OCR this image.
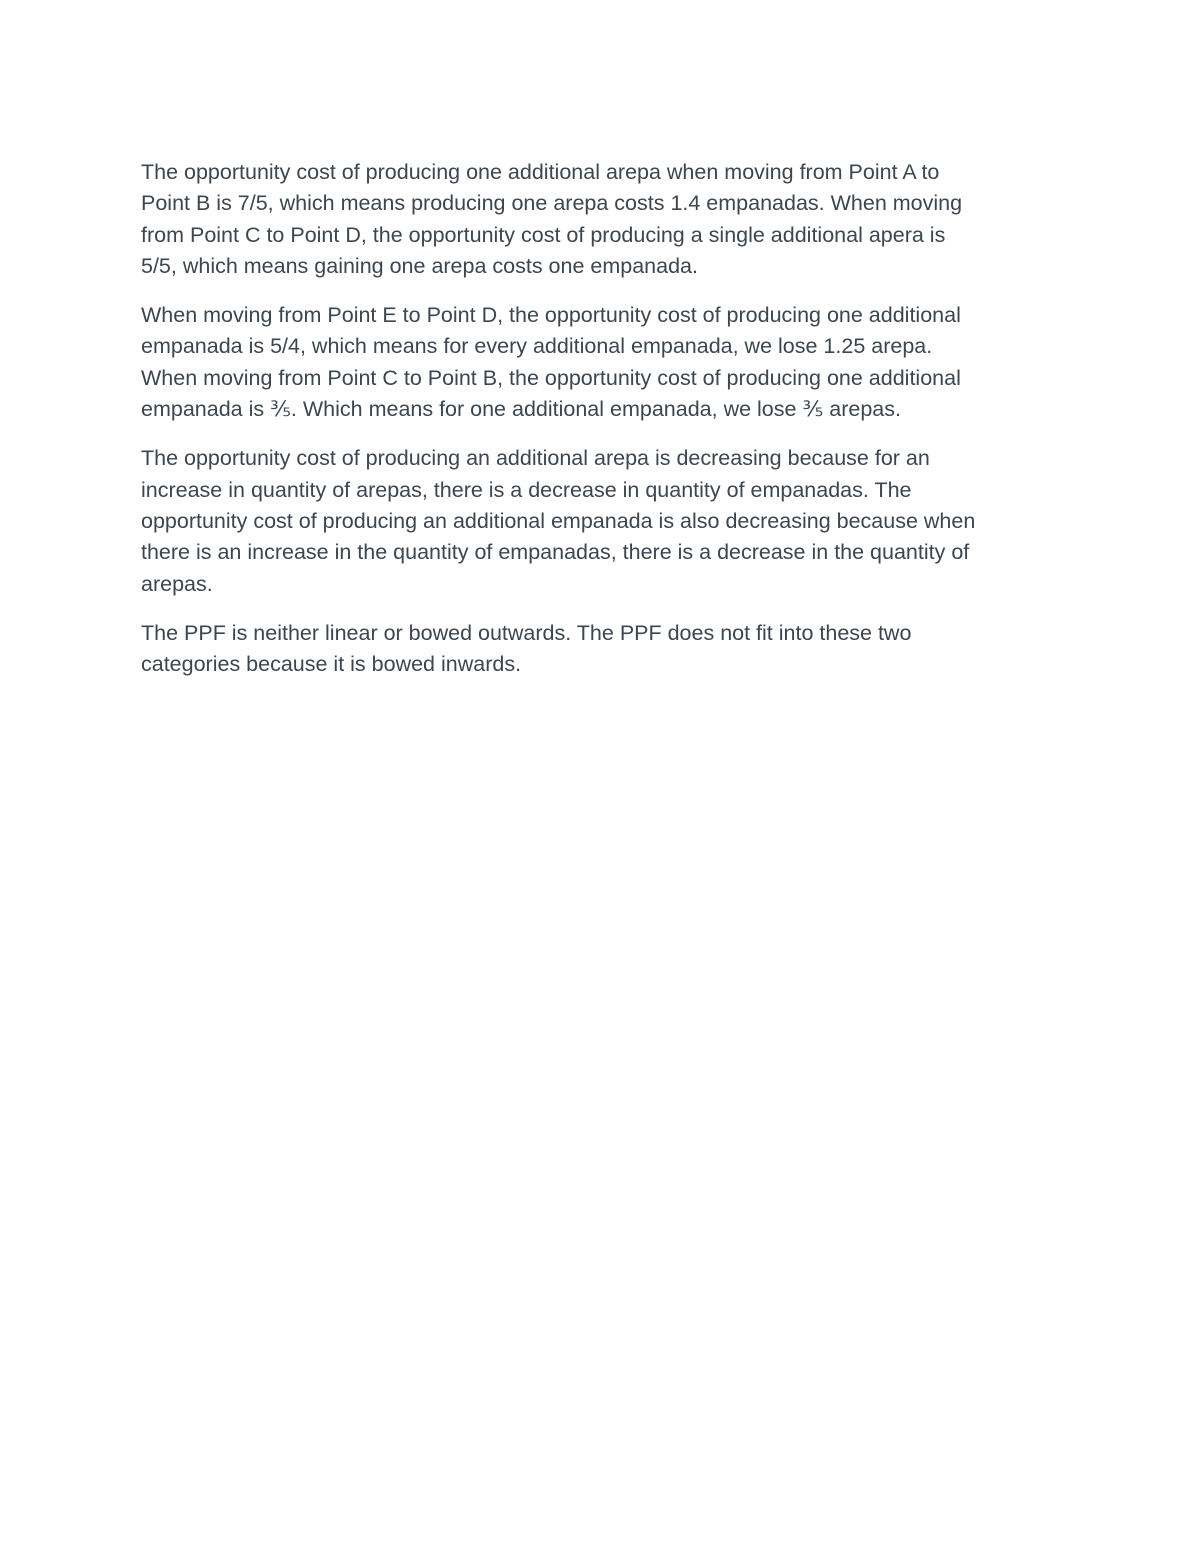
The opportunity cost of producing one additional arepa when moving from Point A to
Point B is 7/5, which means producing one arepa costs 1.4 empanadas. When moving
from Point C to Point D, the opportunity cost of producing a single additional apera is
5/5, which means gaining one arepa costs one empanada.

When moving from Point E to Point D, the opportunity cost of producing one additional
empanada is 5/4, which means for every additional empanada, we lose 1.25 arepa.
When moving from Point C to Point B, the opportunity cost of producing one additional
empanada is ⅗. Which means for one additional empanada, we lose ⅗ arepas.

The opportunity cost of producing an additional arepa is decreasing because for an
increase in quantity of arepas, there is a decrease in quantity of empanadas. The
opportunity cost of producing an additional empanada is also decreasing because when
there is an increase in the quantity of empanadas, there is a decrease in the quantity of
arepas.

The PPF is neither linear or bowed outwards. The PPF does not fit into these two
categories because it is bowed inwards.
